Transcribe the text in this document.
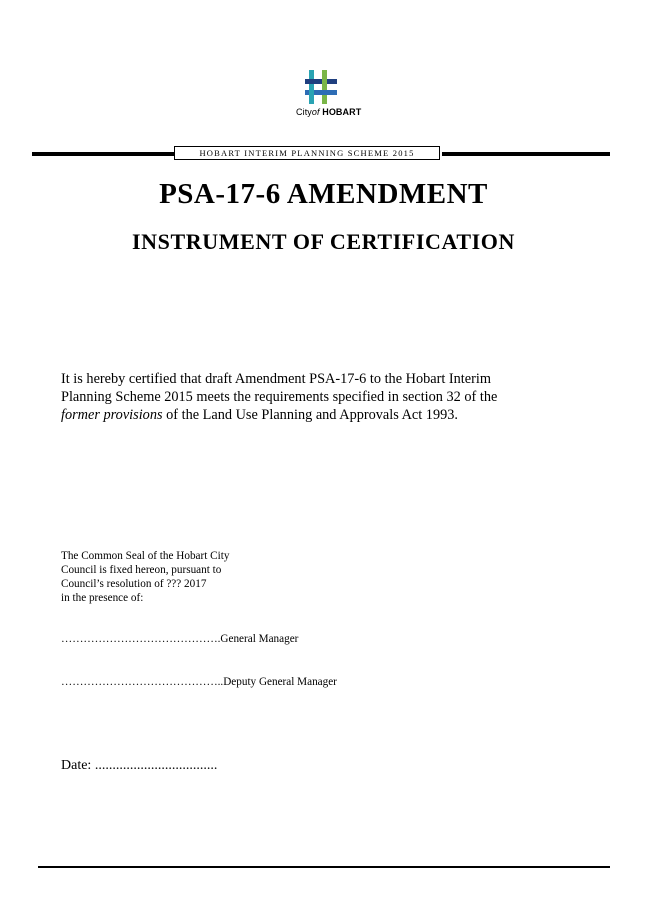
Cityof HOBART
HOBART INTERIM PLANNING SCHEME 2015
PSA-17-6 AMENDMENT
INSTRUMENT OF CERTIFICATION
It is hereby certified that draft Amendment PSA-17-6 to the Hobart Interim
Planning Scheme 2015 meets the requirements specified in section 32 of the
former provisions of the Land Use Planning and Approvals Act 1993.
The Common Seal of the Hobart City
Council is fixed hereon, pursuant to
Council’s resolution of ??? 2017
in the presence of:
…………………………………….General Manager
……………………………………..Deputy General Manager
Date: ...................................
